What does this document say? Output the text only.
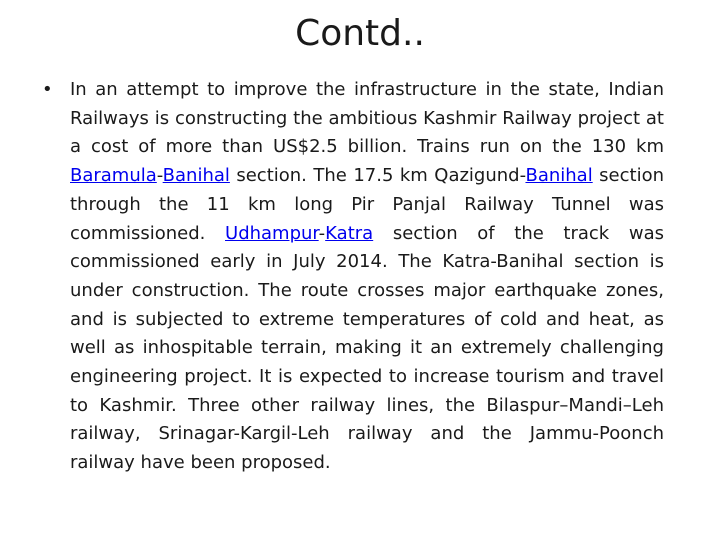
Contd..
• In an attempt to improve the infrastructure in the state, Indian Railways is constructing the ambitious Kashmir Railway project at a cost of more than US$2.5 billion. Trains run on the 130 km Baramula-Banihal section. The 17.5 km Qazigund-Banihal section through the 11 km long Pir Panjal Railway Tunnel was commissioned. Udhampur-Katra section of the track was commissioned early in July 2014. The Katra-Banihal section is under construction. The route crosses major earthquake zones, and is subjected to extreme temperatures of cold and heat, as well as inhospitable terrain, making it an extremely challenging engineering project. It is expected to increase tourism and travel to Kashmir. Three other railway lines, the Bilaspur–Mandi–Leh railway, Srinagar-Kargil-Leh railway and the Jammu-Poonch railway have been proposed.
